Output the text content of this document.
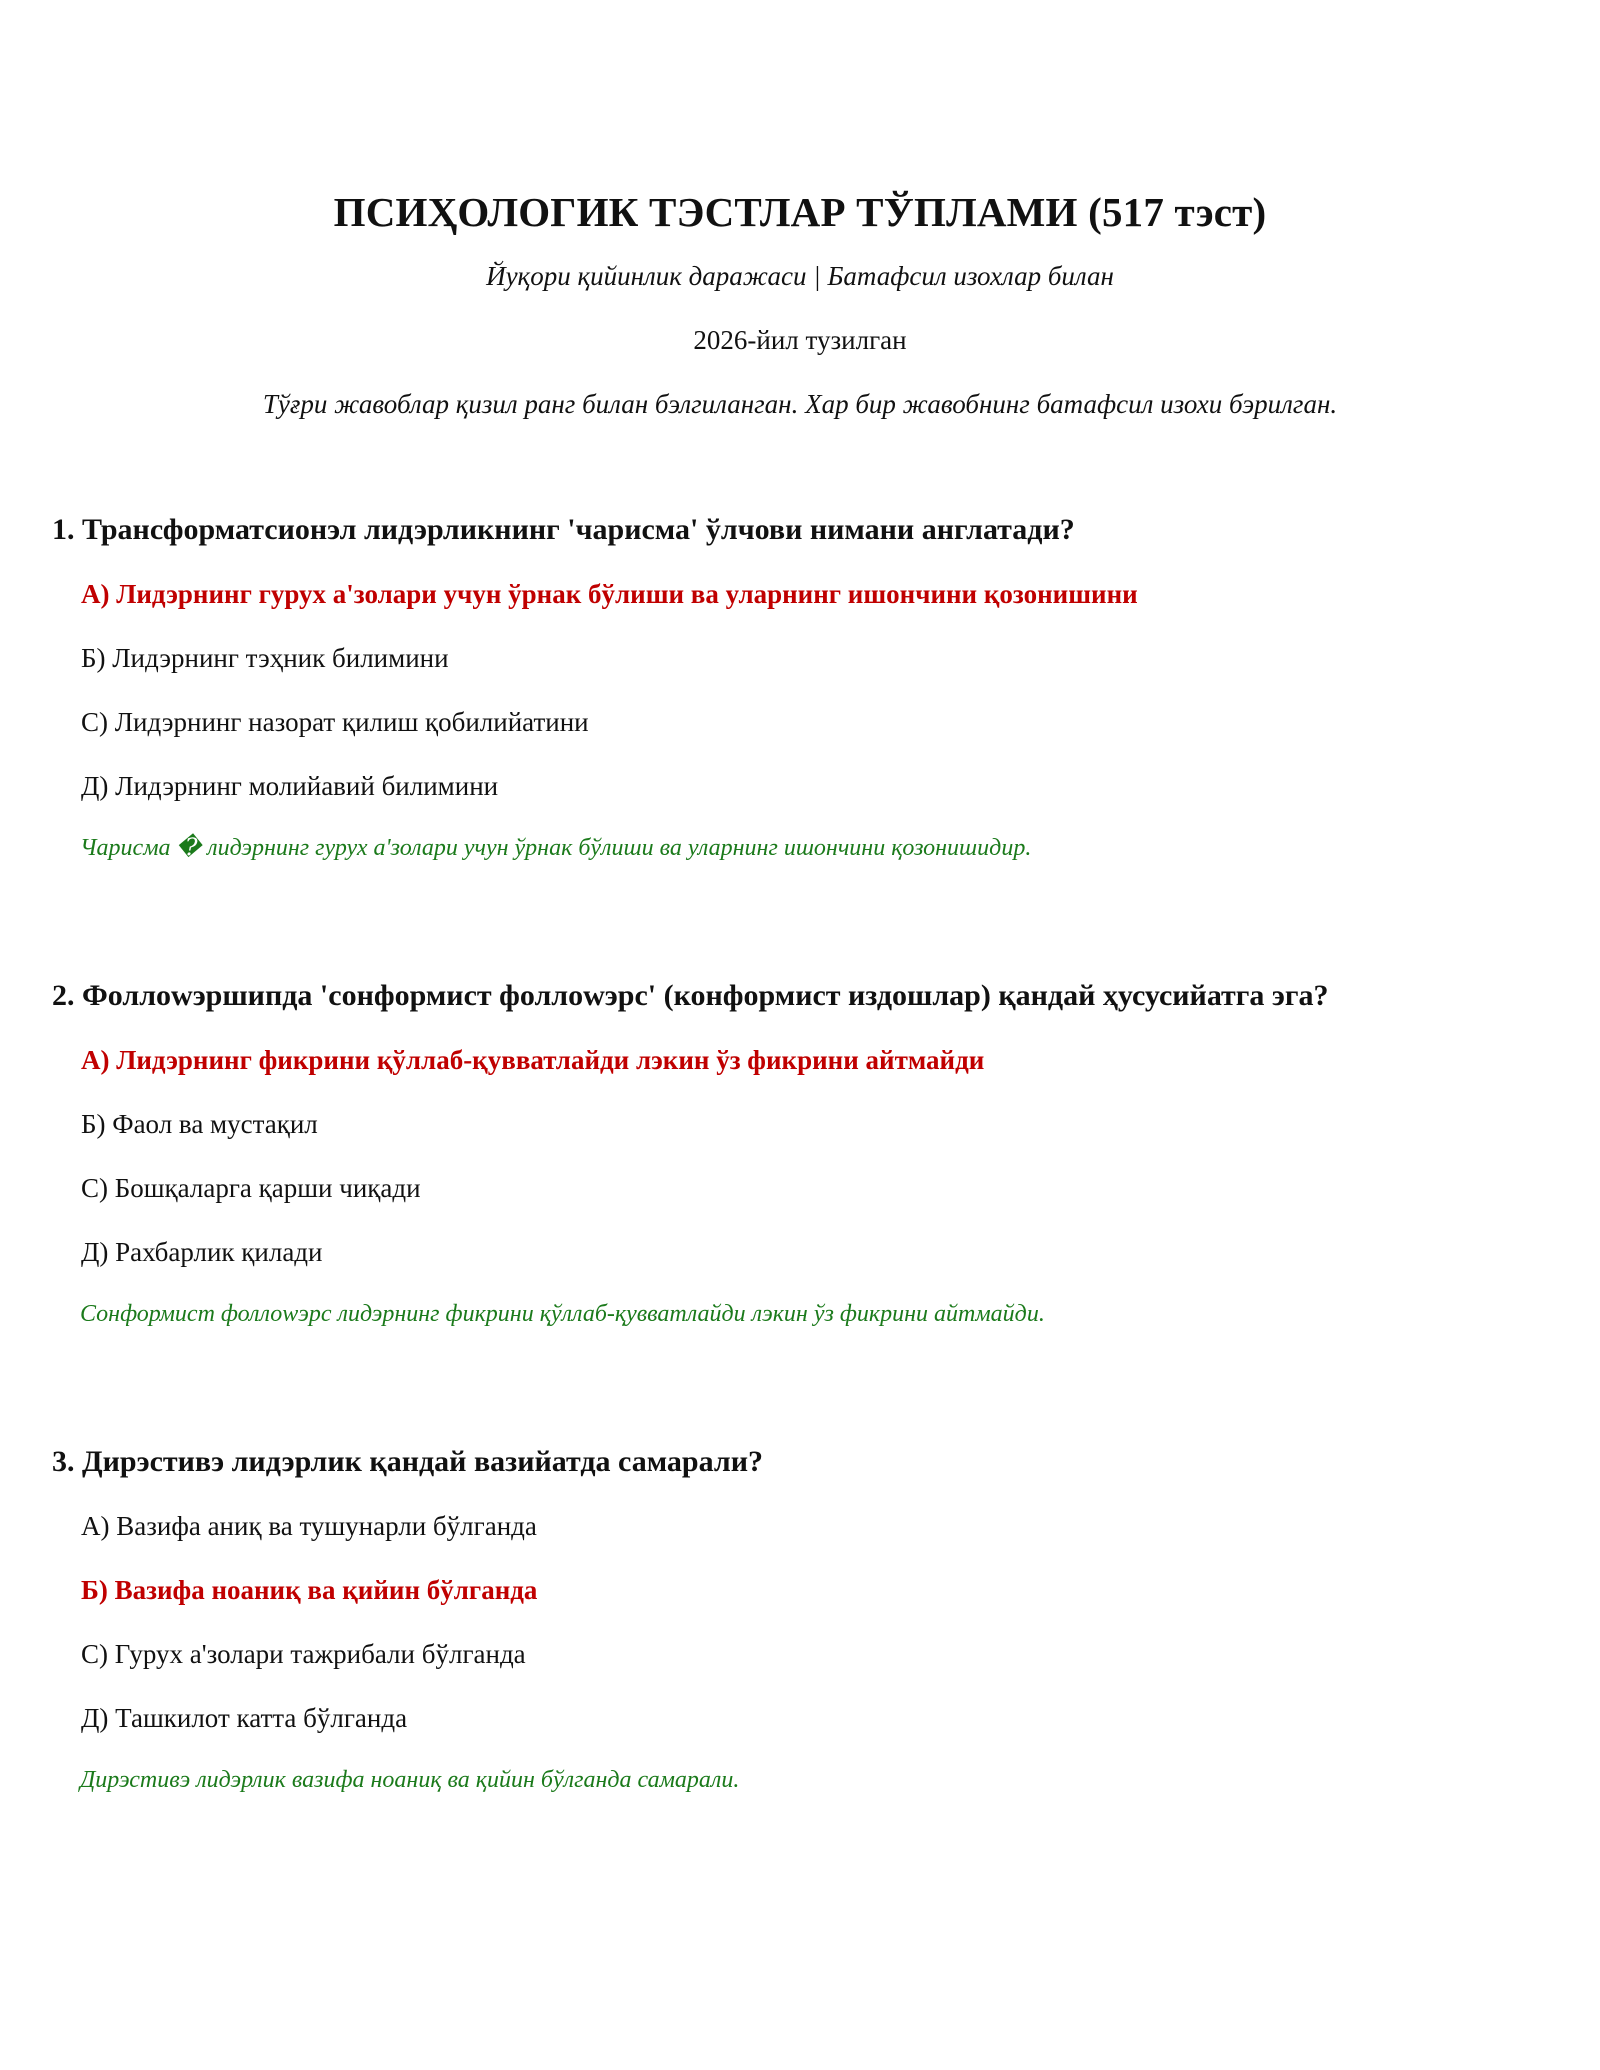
ПСИҲОЛОГИК ТЭСТЛАР ТЎПЛАМИ (517 тэст)

Йуқори қийинлик даражаси | Батафсил изохлар билан

2026-йил тузилган

Тўғри жавоблар қизил ранг билан бэлгиланган. Хар бир жавобнинг батафсил изохи бэрилган.

1. Трансформатсионэл лидэрликнинг 'чарисма' ўлчови нимани англатади?

А) Лидэрнинг гурух а'золари учун ўрнак бўлиши ва уларнинг ишончини қозонишини
Б) Лидэрнинг тэҳник билимини
С) Лидэрнинг назорат қилиш қобилийатини
Д) Лидэрнинг молийавий билимини

Чарисма � лидэрнинг гурух а'золари учун ўрнак бўлиши ва уларнинг ишончини қозонишидир.

2. Фоллоwэршипда 'сонформист фоллоwэрс' (конформист издошлар) қандай ҳусусийатга эга?

А) Лидэрнинг фикрини қўллаб-қувватлайди лэкин ўз фикрини айтмайди
Б) Фаол ва мустақил
С) Бошқаларга қарши чиқади
Д) Рахбарлик қилади

Сонформист фоллоwэрс лидэрнинг фикрини қўллаб-қувватлайди лэкин ўз фикрини айтмайди.

3. Дирэстивэ лидэрлик қандай вазийатда самарали?

А) Вазифа аниқ ва тушунарли бўлганда
Б) Вазифа ноаниқ ва қийин бўлганда
С) Гурух а'золари тажрибали бўлганда
Д) Ташкилот катта бўлганда

Дирэстивэ лидэрлик вазифа ноаниқ ва қийин бўлганда самарали.
